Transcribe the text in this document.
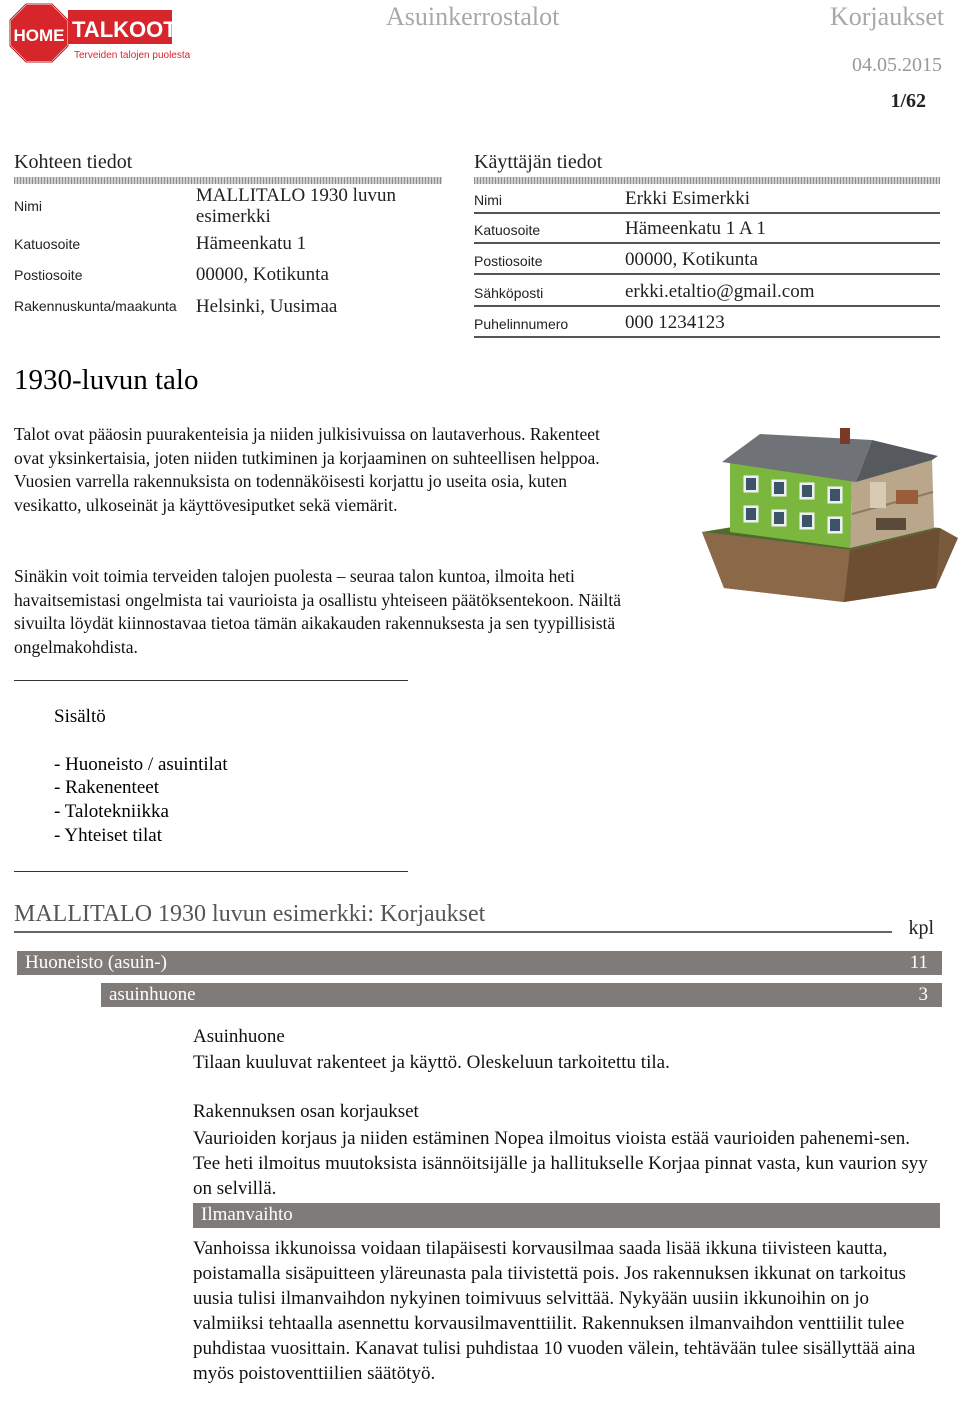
HOME TALKOOT.FI
Terveiden talojen puolesta
Asuinkerrostalot	Korjaukset
04.05.2015
1/62
Kohteen tiedot
Nimi	MALLITALO 1930 luvun esimerkki
Katuosoite	Hämeenkatu 1
Postiosoite	00000, Kotikunta
Rakennuskunta/maakunta	Helsinki, Uusimaa
Käyttäjän tiedot
Nimi	Erkki Esimerkki
Katuosoite	Hämeenkatu 1 A 1
Postiosoite	00000, Kotikunta
Sähköposti	erkki.etaltio@gmail.com
Puhelinnumero	000 1234123
1930-luvun talo
Talot ovat pääosin puurakenteisia ja niiden julkisivuissa on lautaverhous. Rakenteet ovat yksinkertaisia, joten niiden tutkiminen ja korjaaminen on suhteellisen helppoa. Vuosien varrella rakennuksista on todennäköisesti korjattu jo useita osia, kuten vesikatto, ulkoseinät ja käyttövesiputket sekä viemärit.
Sinäkin voit toimia terveiden talojen puolesta – seuraa talon kuntoa, ilmoita heti havaitsemistasi ongelmista tai vaurioista ja osallistu yhteiseen päätöksentekoon. Näiltä sivuilta löydät kiinnostavaa tietoa tämän aikakauden rakennuksesta ja sen tyypillisistä ongelmakohdista.
Sisältö
- Huoneisto / asuintilat
- Rakenenteet
- Talotekniikka
- Yhteiset tilat
MALLITALO 1930 luvun esimerkki: Korjaukset
kpl
Huoneisto (asuin-)	11
asuinhuone	3
Asuinhuone
Tilaan kuuluvat rakenteet ja käyttö. Oleskeluun tarkoitettu tila.
Rakennuksen osan korjaukset
Vaurioiden korjaus ja niiden estäminen Nopea ilmoitus vioista estää vaurioiden pahenemi-sen. Tee heti ilmoitus muutoksista isännöitsijälle ja hallitukselle Korjaa pinnat vasta, kun vaurion syy on selvillä.
Ilmanvaihto
Vanhoissa ikkunoissa voidaan tilapäisesti korvausilmaa saada lisää ikkuna tiivisteen kautta, poistamalla sisäpuitteen yläreunasta pala tiivistettä pois. Jos rakennuksen ikkunat on tarkoitus uusia tulisi ilmanvaihdon nykyinen toimivuus selvittää. Nykyään uusiin ikkunoihin on jo valmiiksi tehtaalla asennettu korvausilmaventtiilit. Rakennuksen ilmanvaihdon venttiilit tulee puhdistaa vuosittain. Kanavat tulisi puhdistaa 10 vuoden välein, tehtävään tulee sisällyttää aina myös poistoventtiilien säätötyö.
